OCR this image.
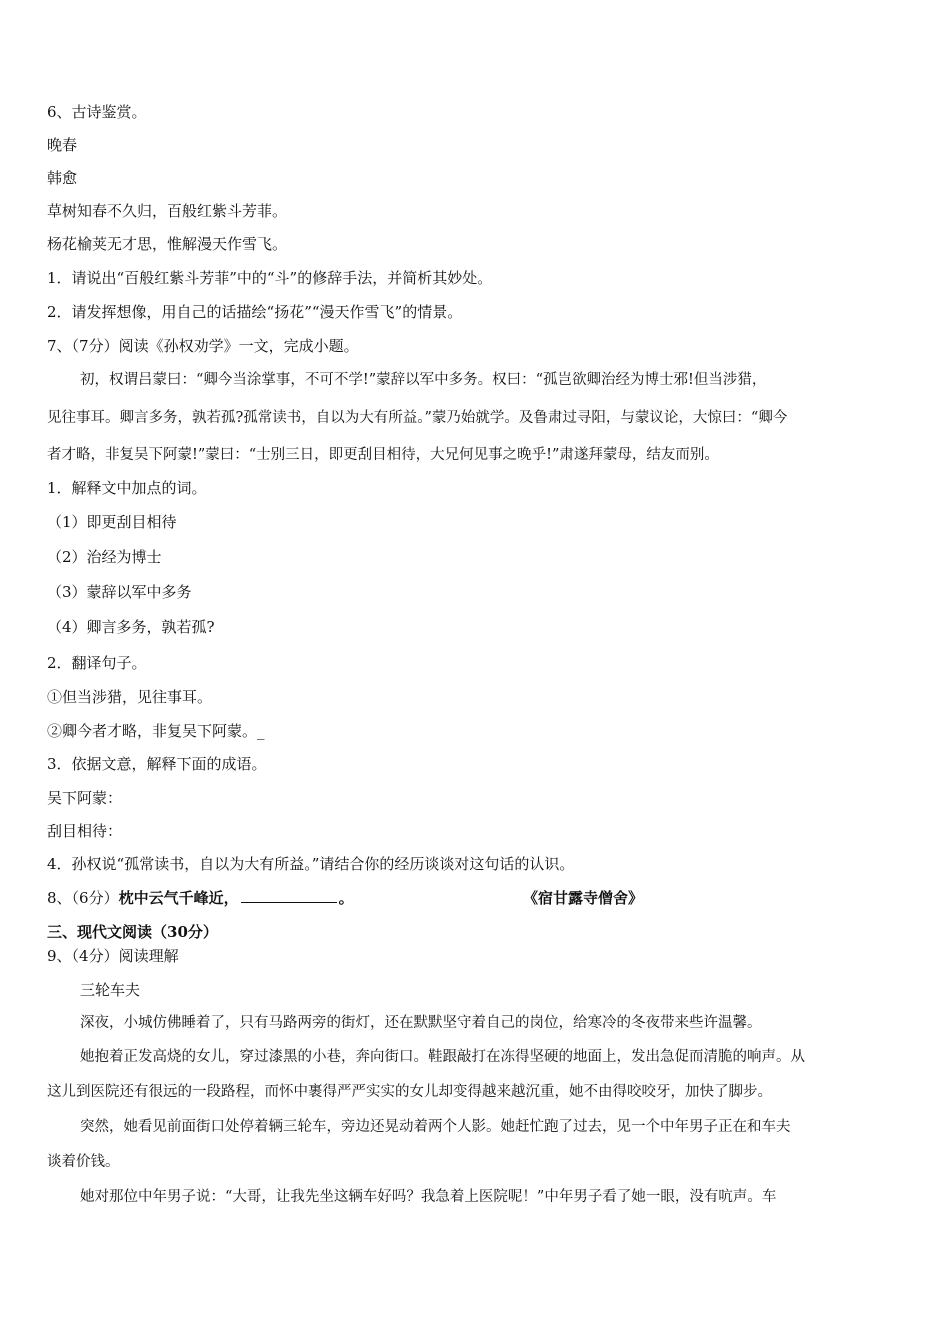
6、古诗鉴赏。
晚春
韩愈
草树知春不久归，百般红紫斗芳菲。
杨花榆荚无才思，惟解漫天作雪飞。
1．请说出“百般红紫斗芳菲”中的“斗”的修辞手法，并简析其妙处。
2．请发挥想像，用自己的话描绘“扬花”“漫天作雪飞”的情景。
7、（7分）阅读《孙权劝学》一文，完成小题。
初，权谓吕蒙曰：“卿今当涂掌事，不可不学!”蒙辞以军中多务。权曰：“孤岂欲卿治经为博士邪!但当涉猎，
见往事耳。卿言多务，孰若孤?孤常读书，自以为大有所益。”蒙乃始就学。及鲁肃过寻阳，与蒙议论，大惊曰：“卿今
者才略，非复吴下阿蒙!”蒙曰：“士别三日，即更刮目相待，大兄何见事之晚乎!”肃遂拜蒙母，结友而别。
1．解释文中加点的词。
（1）即更刮目相待
（2）治经为博士
（3）蒙辞以军中多务
（4）卿言多务，孰若孤?
2．翻译句子。
①但当涉猎，见往事耳。
②卿今者才略，非复吴下阿蒙。_
3．依据文意，解释下面的成语。
吴下阿蒙：
刮目相待：
4．孙权说“孤常读书，自以为大有所益。”请结合你的经历谈谈对这句话的认识。
8、（6分）枕中云气千峰近，	。	《宿甘露寺僧舍》
三、现代文阅读（30分）
9、（4分）阅读理解
三轮车夫
深夜，小城仿佛睡着了，只有马路两旁的街灯，还在默默坚守着自己的岗位，给寒冷的冬夜带来些许温馨。
她抱着正发高烧的女儿，穿过漆黑的小巷，奔向街口。鞋跟敲打在冻得坚硬的地面上，发出急促而清脆的响声。从
这儿到医院还有很远的一段路程，而怀中裹得严严实实的女儿却变得越来越沉重，她不由得咬咬牙，加快了脚步。
突然，她看见前面街口处停着辆三轮车，旁边还晃动着两个人影。她赶忙跑了过去，见一个中年男子正在和车夫
谈着价钱。
她对那位中年男子说：“大哥，让我先坐这辆车好吗？我急着上医院呢！”中年男子看了她一眼，没有吭声。车
